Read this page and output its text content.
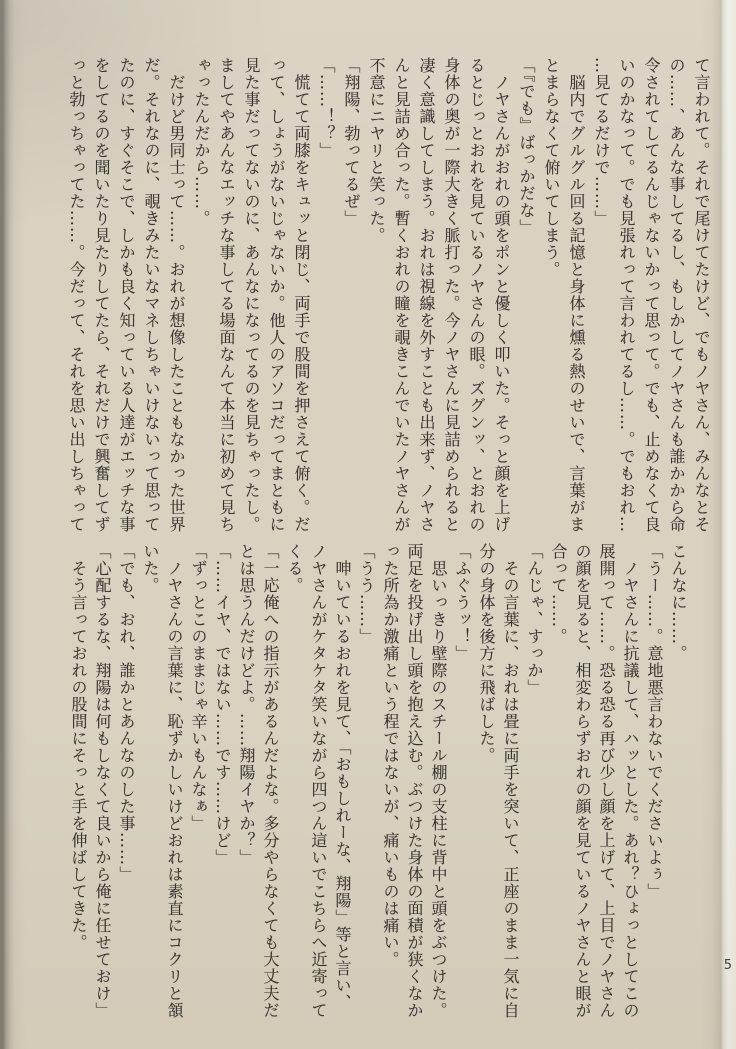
て言われて。それで尾けてたけど、でもノヤさん、みんなとそ
の……、あんな事してるし、もしかしてノヤさんも誰かから命
令されてしてるんじゃないかって思って。でも、止めなくて良
いのかなって。でも見張れって言われてるし……。でもおれ…
…見てるだけで……」
　脳内でグルグル回る記憶と身体に燻る熱のせいで、言葉がま
とまらなくて俯いてしまう。
「『でも』ばっかだな」
　ノヤさんがおれの頭をポンと優しく叩いた。そっと顔を上げ
るとじっとおれを見ているノヤさんの眼。ズグンッ、とおれの
身体の奥が一際大きく脈打った。今ノヤさんに見詰められると
凄く意識してしまう。おれは視線を外すことも出来ず、ノヤさ
んと見詰め合った。暫くおれの瞳を覗きこんでいたノヤさんが
不意にニヤリと笑った。
「翔陽、勃ってるぜ」
「……！？」
　慌てて両膝をキュッと閉じ、両手で股間を押さえて俯く。だ
って、しょうがないじゃないか。他人のアソコだってまともに
見た事だってないのに、あんなになってるのを見ちゃったし。
ましてやあんなエッチな事してる場面なんて本当に初めて見ち
ゃったんだから……。
　だけど男同士って……。おれが想像したこともなかった世界
だ。それなのに、覗きみたいなマネしちゃいけないって思って
たのに、すぐそこで、しかも良く知っている人達がエッチな事
をしてるのを聞いたり見たりしてたら、それだけで興奮してず
っと勃っちゃってた……。今だって、それを思い出しちゃって
こんなに……。
「うー……。意地悪言わないでくださいよぅ」
　ノヤさんに抗議して、ハッとした。あれ？ひょっとしてこの
展開って……。恐る恐る再び少し顔を上げて、上目でノヤさん
の顔を見ると、相変わらずおれの顔を見ているノヤさんと眼が
合って……。
「んじゃ、すっか」
　その言葉に、おれは畳に両手を突いて、正座のまま一気に自
分の身体を後方に飛ばした。
「ふぐうッ！」
　思いっきり壁際のスチール棚の支柱に背中と頭をぶつけた。
両足を投げ出し頭を抱え込む。ぶつけた身体の面積が狭くなか
った所為か激痛という程ではないが、痛いものは痛い。
「うう……」
　呻いているおれを見て、「おもしれーな、翔陽」等と言い、
ノヤさんがケタケタ笑いながら四つん這いでこちらへ近寄って
くる。
「一応俺への指示があるんだよな。多分やらなくても大丈夫だ
とは思うんだけどよ。……翔陽イヤか？」
「……イヤ、ではない……です……けど」
「ずっとこのままじゃ辛いもんなぁ」
　ノヤさんの言葉に、恥ずかしいけどおれは素直にコクリと頷
いた。
「でも、おれ、誰かとあんなのした事……」
「心配するな、翔陽は何もしなくて良いから俺に任せておけ」
　そう言っておれの股間にそっと手を伸ばしてきた。
5
